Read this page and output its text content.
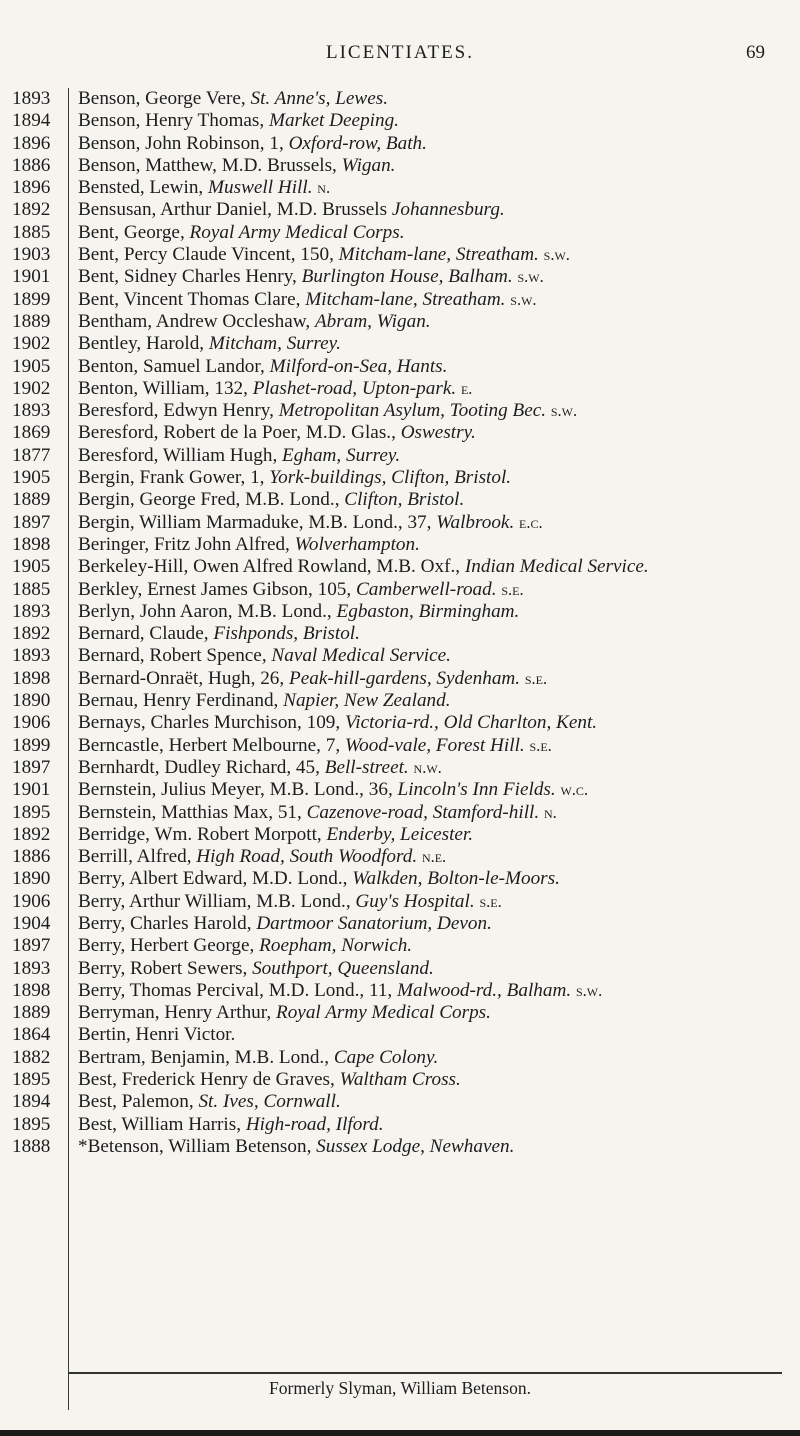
LICENTIATES.	69
1893	Benson, George Vere, St. Anne's, Lewes.
1894	Benson, Henry Thomas, Market Deeping.
1896	Benson, John Robinson, 1, Oxford-row, Bath.
1886	Benson, Matthew, M.D. Brussels, Wigan.
1896	Bensted, Lewin, Muswell Hill. n.
1892	Bensusan, Arthur Daniel, M.D. Brussels Johannesburg.
1885	Bent, George, Royal Army Medical Corps.
1903	Bent, Percy Claude Vincent, 150, Mitcham-lane, Streatham. s.w.
1901	Bent, Sidney Charles Henry, Burlington House, Balham. s.w.
1899	Bent, Vincent Thomas Clare, Mitcham-lane, Streatham. s.w.
1889	Bentham, Andrew Occleshaw, Abram, Wigan.
1902	Bentley, Harold, Mitcham, Surrey.
1905	Benton, Samuel Landor, Milford-on-Sea, Hants.
1902	Benton, William, 132, Plashet-road, Upton-park. e.
1893	Beresford, Edwyn Henry, Metropolitan Asylum, Tooting Bec. s.w.
1869	Beresford, Robert de la Poer, M.D. Glas., Oswestry.
1877	Beresford, William Hugh, Egham, Surrey.
1905	Bergin, Frank Gower, 1, York-buildings, Clifton, Bristol.
1889	Bergin, George Fred, M.B. Lond., Clifton, Bristol.
1897	Bergin, William Marmaduke, M.B. Lond., 37, Walbrook. e.c.
1898	Beringer, Fritz John Alfred, Wolverhampton.
1905	Berkeley-Hill, Owen Alfred Rowland, M.B. Oxf., Indian Medical Service.
1885	Berkley, Ernest James Gibson, 105, Camberwell-road. s.e.
1893	Berlyn, John Aaron, M.B. Lond., Egbaston, Birmingham.
1892	Bernard, Claude, Fishponds, Bristol.
1893	Bernard, Robert Spence, Naval Medical Service.
1898	Bernard-Onraët, Hugh, 26, Peak-hill-gardens, Sydenham. s.e.
1890	Bernau, Henry Ferdinand, Napier, New Zealand.
1906	Bernays, Charles Murchison, 109, Victoria-rd., Old Charlton, Kent.
1899	Berncastle, Herbert Melbourne, 7, Wood-vale, Forest Hill. s.e.
1897	Bernhardt, Dudley Richard, 45, Bell-street. n.w.
1901	Bernstein, Julius Meyer, M.B. Lond., 36, Lincoln's Inn Fields. w.c.
1895	Bernstein, Matthias Max, 51, Cazenove-road, Stamford-hill. n.
1892	Berridge, Wm. Robert Morpott, Enderby, Leicester.
1886	Berrill, Alfred, High Road, South Woodford. n.e.
1890	Berry, Albert Edward, M.D. Lond., Walkden, Bolton-le-Moors.
1906	Berry, Arthur William, M.B. Lond., Guy's Hospital. s.e.
1904	Berry, Charles Harold, Dartmoor Sanatorium, Devon.
1897	Berry, Herbert George, Roepham, Norwich.
1893	Berry, Robert Sewers, Southport, Queensland.
1898	Berry, Thomas Percival, M.D. Lond., 11, Malwood-rd., Balham. s.w.
1889	Berryman, Henry Arthur, Royal Army Medical Corps.
1864	Bertin, Henri Victor.
1882	Bertram, Benjamin, M.B. Lond., Cape Colony.
1895	Best, Frederick Henry de Graves, Waltham Cross.
1894	Best, Palemon, St. Ives, Cornwall.
1895	Best, William Harris, High-road, Ilford.
1888	*Betenson, William Betenson, Sussex Lodge, Newhaven.
Formerly Slyman, William Betenson.
